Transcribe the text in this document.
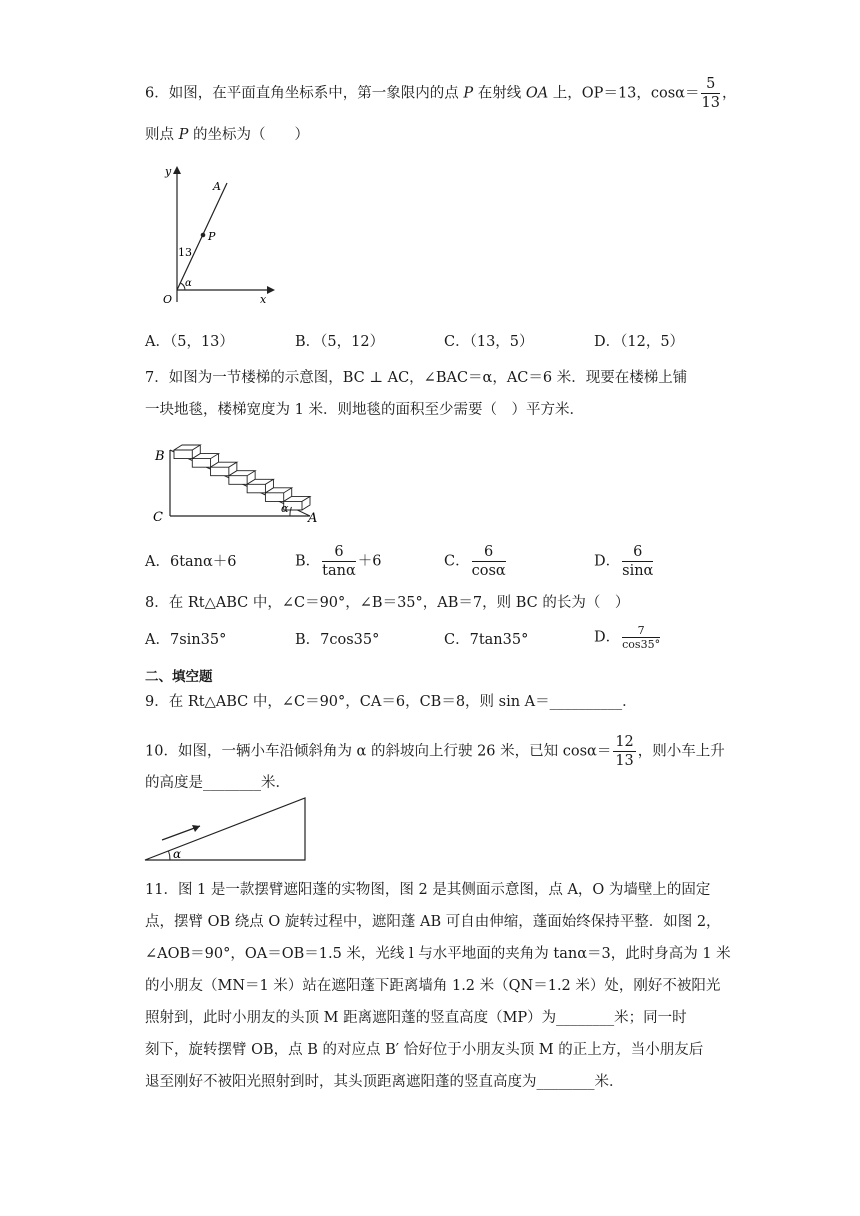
6．如图，在平面直角坐标系中，第一象限内的点 P 在射线 OA 上，OP＝13，$\cos\alpha= \frac{5}{13}$ ，
则点 P 的坐标为（　　）
y
x
A
P
13
O
α
A．（5，13）	B．（5，12）	C．（13，5）	D．（12，5）
7．如图为一节楼梯的示意图，BC ⊥ AC，∠BAC＝α，AC＝6 米．现要在楼梯上铺
一块地毯，楼梯宽度为 1 米．则地毯的面积至少需要（　）平方米．
B
C	A
α
A．6tanα＋6	B． $\frac{6}{\tan\alpha} +6$	C． $\frac{6}{\cos\alpha}$	D． $\frac{6}{\sin\alpha}$
8．在 Rt△ABC 中，∠C＝90°，∠B＝35°，AB＝7，则 BC 的长为（　）
A．7sin35°	B．7cos35°	C．7tan35°	D． $\frac{7}{\cos 35^\circ}$
二、填空题
9．在 Rt△ABC 中，∠C＝90°，CA＝6，CB＝8，则 sin A＝__________．
10．如图，一辆小车沿倾斜角为 α 的斜坡向上行驶 26 米，已知 $\cos\alpha= \frac{12}{13}$ ，则小车上升
的高度是________米．
α
11．图 1 是一款摆臂遮阳蓬的实物图，图 2 是其侧面示意图，点 A，O 为墙壁上的固定
点，摆臂 OB 绕点 O 旋转过程中，遮阳蓬 AB 可自由伸缩，蓬面始终保持平整．如图 2，
∠AOB＝90°，OA＝OB＝1.5 米，光线 l 与水平地面的夹角为 tanα＝3，此时身高为 1 米
的小朋友（MN＝1 米）站在遮阳蓬下距离墙角 1.2 米（QN＝1.2 米）处，刚好不被阳光
照射到，此时小朋友的头顶 M 距离遮阳蓬的竖直高度（MP）为________米；同一时
刻下，旋转摆臂 OB，点 B 的对应点 B′ 恰好位于小朋友头顶 M 的正上方，当小朋友后
退至刚好不被阳光照射到时，其头顶距离遮阳蓬的竖直高度为________米．
